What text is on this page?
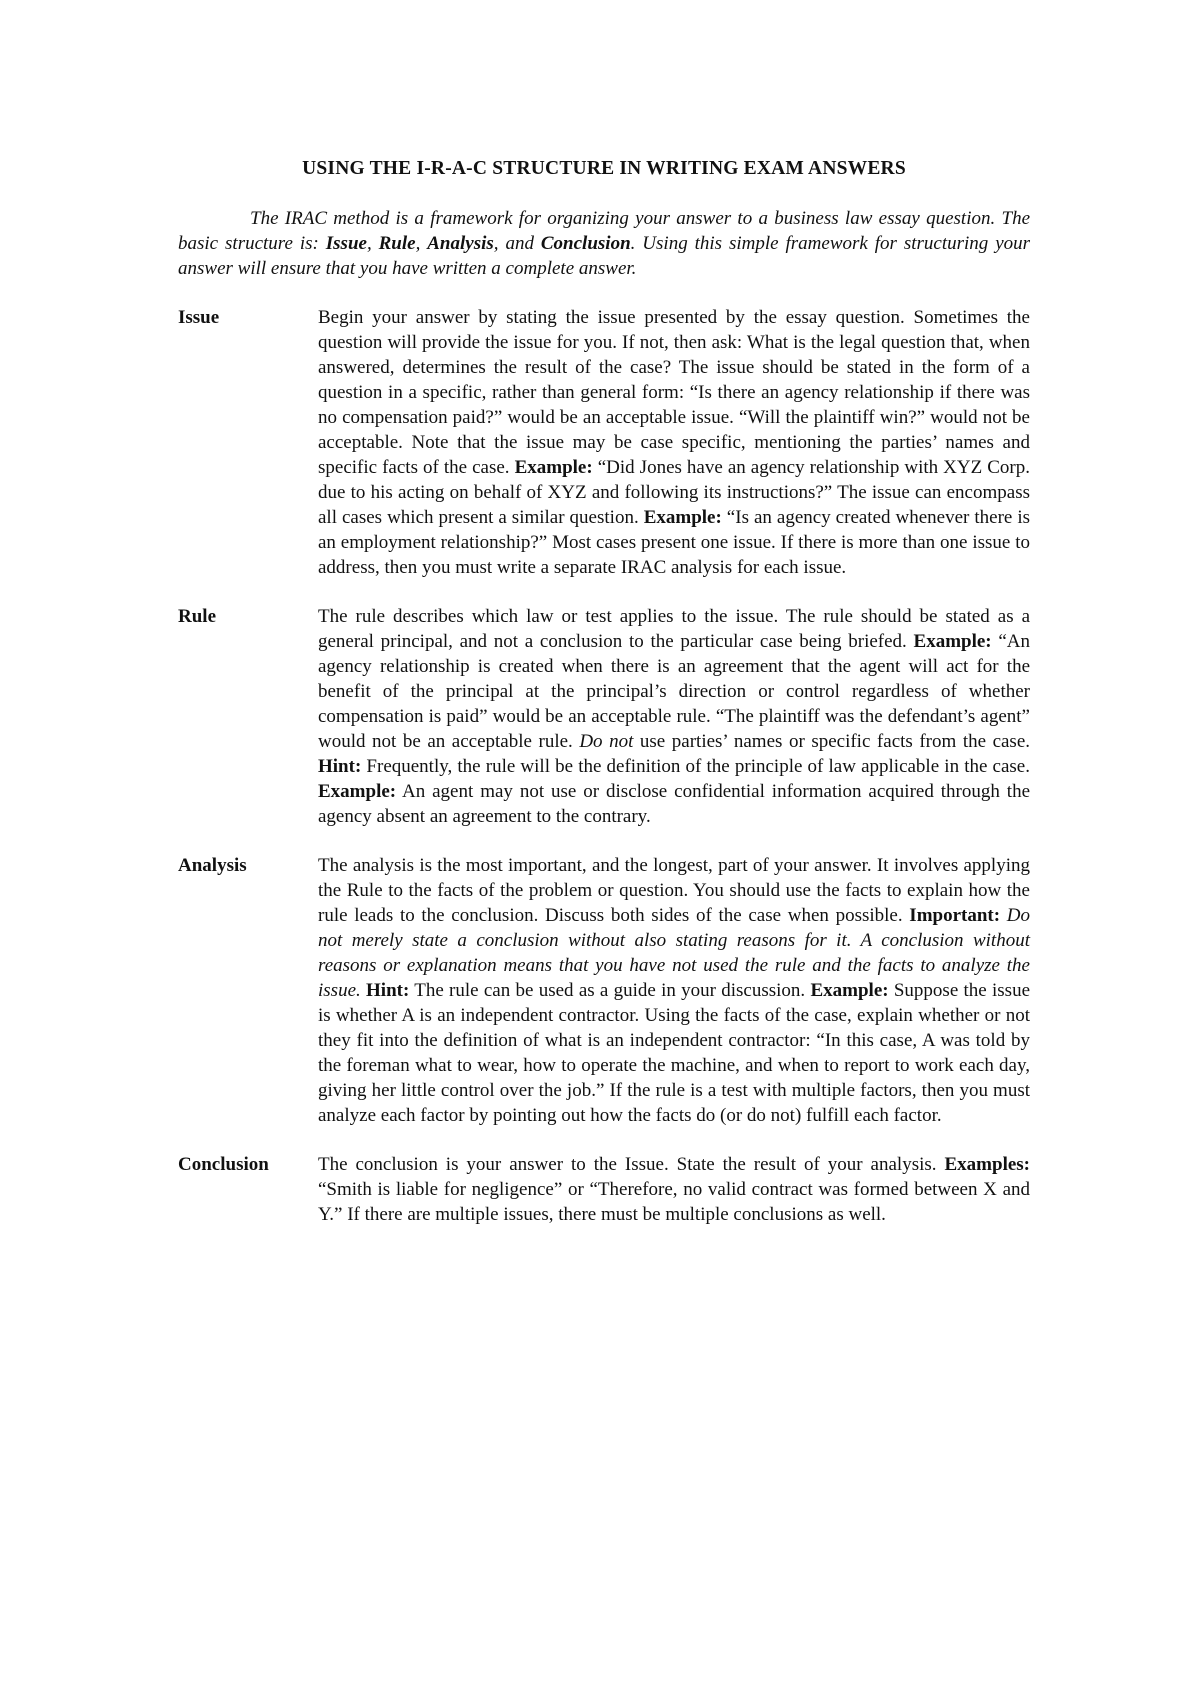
USING THE I-R-A-C STRUCTURE IN WRITING EXAM ANSWERS

The IRAC method is a framework for organizing your answer to a business law essay question. The basic structure is: Issue, Rule, Analysis, and Conclusion. Using this simple framework for structuring your answer will ensure that you have written a complete answer.

Issue	Begin your answer by stating the issue presented by the essay question. Sometimes the question will provide the issue for you. If not, then ask: What is the legal question that, when answered, determines the result of the case? The issue should be stated in the form of a question in a specific, rather than general form: “Is there an agency relationship if there was no compensation paid?” would be an acceptable issue. “Will the plaintiff win?” would not be acceptable. Note that the issue may be case specific, mentioning the parties’ names and specific facts of the case. Example: “Did Jones have an agency relationship with XYZ Corp. due to his acting on behalf of XYZ and following its instructions?” The issue can encompass all cases which present a similar question. Example: “Is an agency created whenever there is an employment relationship?” Most cases present one issue. If there is more than one issue to address, then you must write a separate IRAC analysis for each issue.
Rule	The rule describes which law or test applies to the issue. The rule should be stated as a general principal, and not a conclusion to the particular case being briefed. Example: “An agency relationship is created when there is an agreement that the agent will act for the benefit of the principal at the principal’s direction or control regardless of whether compensation is paid” would be an acceptable rule. “The plaintiff was the defendant’s agent” would not be an acceptable rule. Do not use parties’ names or specific facts from the case. Hint: Frequently, the rule will be the definition of the principle of law applicable in the case. Example: An agent may not use or disclose confidential information acquired through the agency absent an agreement to the contrary.
Analysis	The analysis is the most important, and the longest, part of your answer. It involves applying the Rule to the facts of the problem or question. You should use the facts to explain how the rule leads to the conclusion. Discuss both sides of the case when possible. Important: Do not merely state a conclusion without also stating reasons for it. A conclusion without reasons or explanation means that you have not used the rule and the facts to analyze the issue. Hint: The rule can be used as a guide in your discussion. Example: Suppose the issue is whether A is an independent contractor. Using the facts of the case, explain whether or not they fit into the definition of what is an independent contractor: “In this case, A was told by the foreman what to wear, how to operate the machine, and when to report to work each day, giving her little control over the job.” If the rule is a test with multiple factors, then you must analyze each factor by pointing out how the facts do (or do not) fulfill each factor.
Conclusion	The conclusion is your answer to the Issue. State the result of your analysis. Examples: “Smith is liable for negligence” or “Therefore, no valid contract was formed between X and Y.” If there are multiple issues, there must be multiple conclusions as well.
